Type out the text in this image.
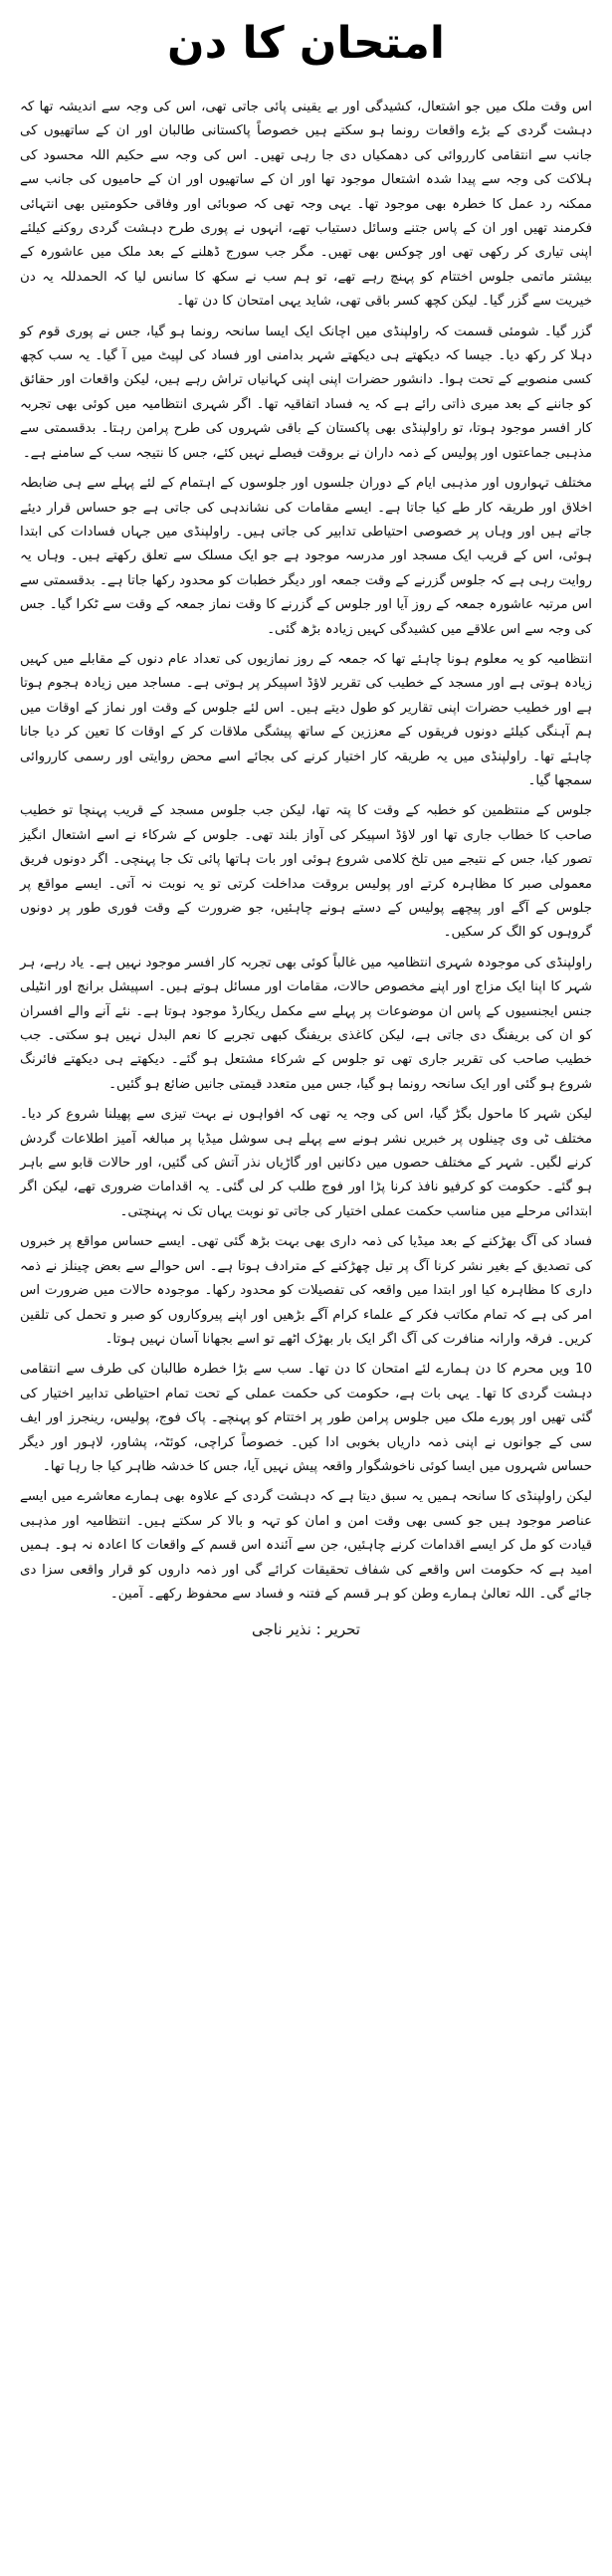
امتحان کا دن

اس وقت ملک میں جو اشتعال، کشیدگی اور بے یقینی پائی جاتی تھی، اس کی وجہ سے اندیشہ تھا کہ دہشت گردی کے بڑے واقعات رونما ہو سکتے ہیں خصوصاً پاکستانی طالبان اور ان کے ساتھیوں کی جانب سے انتقامی کارروائی کی دھمکیاں دی جا رہی تھیں۔ اس کی وجہ سے حکیم اللہ محسود کی ہلاکت کی وجہ سے پیدا شدہ اشتعال موجود تھا اور ان کے ساتھیوں اور ان کے حامیوں کی جانب سے ممکنہ رد عمل کا خطرہ بھی موجود تھا۔ یہی وجہ تھی کہ صوبائی اور وفاقی حکومتیں بھی انتہائی فکرمند تھیں اور ان کے پاس جتنے وسائل دستیاب تھے، انہوں نے پوری طرح دہشت گردی روکنے کیلئے اپنی تیاری کر رکھی تھی اور چوکس بھی تھیں۔ مگر جب سورج ڈھلنے کے بعد ملک میں عاشورہ کے بیشتر ماتمی جلوس اختتام کو پہنچ رہے تھے، تو ہم سب نے سکھ کا سانس لیا کہ الحمدللہ یہ دن خیریت سے گزر گیا۔ لیکن کچھ کسر باقی تھی، شاید یہی امتحان کا دن تھا۔

گزر گیا۔ شومئی قسمت کہ راولپنڈی میں اچانک ایک ایسا سانحہ رونما ہو گیا، جس نے پوری قوم کو دہلا کر رکھ دیا۔ جیسا کہ دیکھتے ہی دیکھتے شہر بدامنی اور فساد کی لپیٹ میں آ گیا۔ یہ سب کچھ کسی منصوبے کے تحت ہوا۔ دانشور حضرات اپنی اپنی کہانیاں تراش رہے ہیں، لیکن واقعات اور حقائق کو جاننے کے بعد میری ذاتی رائے ہے کہ یہ فساد اتفاقیہ تھا۔ اگر شہری انتظامیہ میں کوئی بھی تجربہ کار افسر موجود ہوتا، تو راولپنڈی بھی پاکستان کے باقی شہروں کی طرح پرامن رہتا۔ بدقسمتی سے مذہبی جماعتوں اور پولیس کے ذمہ داران نے بروقت فیصلے نہیں کئے، جس کا نتیجہ سب کے سامنے ہے۔

مختلف تہواروں اور مذہبی ایام کے دوران جلسوں اور جلوسوں کے اہتمام کے لئے پہلے سے ہی ضابطہ اخلاق اور طریقہ کار طے کیا جاتا ہے۔ ایسے مقامات کی نشاندہی کی جاتی ہے جو حساس قرار دیئے جاتے ہیں اور وہاں پر خصوصی احتیاطی تدابیر کی جاتی ہیں۔ راولپنڈی میں جہاں فسادات کی ابتدا ہوئی، اس کے قریب ایک مسجد اور مدرسہ موجود ہے جو ایک مسلک سے تعلق رکھتے ہیں۔ وہاں یہ روایت رہی ہے کہ جلوس گزرنے کے وقت جمعہ اور دیگر خطبات کو محدود رکھا جاتا ہے۔ بدقسمتی سے اس مرتبہ عاشورہ جمعہ کے روز آیا اور جلوس کے گزرنے کا وقت نماز جمعہ کے وقت سے ٹکرا گیا۔ جس کی وجہ سے اس علاقے میں کشیدگی کہیں زیادہ بڑھ گئی۔

انتظامیہ کو یہ معلوم ہونا چاہئے تھا کہ جمعہ کے روز نمازیوں کی تعداد عام دنوں کے مقابلے میں کہیں زیادہ ہوتی ہے اور مسجد کے خطیب کی تقریر لاؤڈ اسپیکر پر ہوتی ہے۔ مساجد میں زیادہ ہجوم ہوتا ہے اور خطیب حضرات اپنی تقاریر کو طول دیتے ہیں۔ اس لئے جلوس کے وقت اور نماز کے اوقات میں ہم آہنگی کیلئے دونوں فریقوں کے معززین کے ساتھ پیشگی ملاقات کر کے اوقات کا تعین کر دیا جانا چاہئے تھا۔ راولپنڈی میں یہ طریقہ کار اختیار کرنے کی بجائے اسے محض روایتی اور رسمی کارروائی سمجھا گیا۔

جلوس کے منتظمین کو خطبہ کے وقت کا پتہ تھا، لیکن جب جلوس مسجد کے قریب پہنچا تو خطیب صاحب کا خطاب جاری تھا اور لاؤڈ اسپیکر کی آواز بلند تھی۔ جلوس کے شرکاء نے اسے اشتعال انگیز تصور کیا، جس کے نتیجے میں تلخ کلامی شروع ہوئی اور بات ہاتھا پائی تک جا پہنچی۔ اگر دونوں فریق معمولی صبر کا مظاہرہ کرتے اور پولیس بروقت مداخلت کرتی تو یہ نوبت نہ آتی۔ ایسے مواقع پر جلوس کے آگے اور پیچھے پولیس کے دستے ہونے چاہئیں، جو ضرورت کے وقت فوری طور پر دونوں گروہوں کو الگ کر سکیں۔

راولپنڈی کی موجودہ شہری انتظامیہ میں غالباً کوئی بھی تجربہ کار افسر موجود نہیں ہے۔ یاد رہے، ہر شہر کا اپنا ایک مزاج اور اپنے مخصوص حالات، مقامات اور مسائل ہوتے ہیں۔ اسپیشل برانچ اور انٹیلی جنس ایجنسیوں کے پاس ان موضوعات پر پہلے سے مکمل ریکارڈ موجود ہوتا ہے۔ نئے آنے والے افسران کو ان کی بریفنگ دی جاتی ہے، لیکن کاغذی بریفنگ کبھی تجربے کا نعم البدل نہیں ہو سکتی۔ جب خطیب صاحب کی تقریر جاری تھی تو جلوس کے شرکاء مشتعل ہو گئے۔ دیکھتے ہی دیکھتے فائرنگ شروع ہو گئی اور ایک سانحہ رونما ہو گیا، جس میں متعدد قیمتی جانیں ضائع ہو گئیں۔

لیکن شہر کا ماحول بگڑ گیا، اس کی وجہ یہ تھی کہ افواہوں نے بہت تیزی سے پھیلنا شروع کر دیا۔ مختلف ٹی وی چینلوں پر خبریں نشر ہونے سے پہلے ہی سوشل میڈیا پر مبالغہ آمیز اطلاعات گردش کرنے لگیں۔ شہر کے مختلف حصوں میں دکانیں اور گاڑیاں نذر آتش کی گئیں، اور حالات قابو سے باہر ہو گئے۔ حکومت کو کرفیو نافذ کرنا پڑا اور فوج طلب کر لی گئی۔ یہ اقدامات ضروری تھے، لیکن اگر ابتدائی مرحلے میں مناسب حکمت عملی اختیار کی جاتی تو نوبت یہاں تک نہ پہنچتی۔

فساد کی آگ بھڑکنے کے بعد میڈیا کی ذمہ داری بھی بہت بڑھ گئی تھی۔ ایسے حساس مواقع پر خبروں کی تصدیق کے بغیر نشر کرنا آگ پر تیل چھڑکنے کے مترادف ہوتا ہے۔ اس حوالے سے بعض چینلز نے ذمہ داری کا مظاہرہ کیا اور ابتدا میں واقعہ کی تفصیلات کو محدود رکھا۔ موجودہ حالات میں ضرورت اس امر کی ہے کہ تمام مکاتب فکر کے علماء کرام آگے بڑھیں اور اپنے پیروکاروں کو صبر و تحمل کی تلقین کریں۔ فرقہ وارانہ منافرت کی آگ اگر ایک بار بھڑک اٹھے تو اسے بجھانا آسان نہیں ہوتا۔

10 ویں محرم کا دن ہمارے لئے امتحان کا دن تھا۔ سب سے بڑا خطرہ طالبان کی طرف سے انتقامی دہشت گردی کا تھا۔ یہی بات ہے، حکومت کی حکمت عملی کے تحت تمام احتیاطی تدابیر اختیار کی گئی تھیں اور پورے ملک میں جلوس پرامن طور پر اختتام کو پہنچے۔ پاک فوج، پولیس، رینجرز اور ایف سی کے جوانوں نے اپنی ذمہ داریاں بخوبی ادا کیں۔ خصوصاً کراچی، کوئٹہ، پشاور، لاہور اور دیگر حساس شہروں میں ایسا کوئی ناخوشگوار واقعہ پیش نہیں آیا، جس کا خدشہ ظاہر کیا جا رہا تھا۔

لیکن راولپنڈی کا سانحہ ہمیں یہ سبق دیتا ہے کہ دہشت گردی کے علاوہ بھی ہمارے معاشرے میں ایسے عناصر موجود ہیں جو کسی بھی وقت امن و امان کو تہہ و بالا کر سکتے ہیں۔ انتظامیہ اور مذہبی قیادت کو مل کر ایسے اقدامات کرنے چاہئیں، جن سے آئندہ اس قسم کے واقعات کا اعادہ نہ ہو۔ ہمیں امید ہے کہ حکومت اس واقعے کی شفاف تحقیقات کرائے گی اور ذمہ داروں کو قرار واقعی سزا دی جائے گی۔ اللہ تعالیٰ ہمارے وطن کو ہر قسم کے فتنہ و فساد سے محفوظ رکھے۔ آمین۔

تحریر : نذیر ناجی
